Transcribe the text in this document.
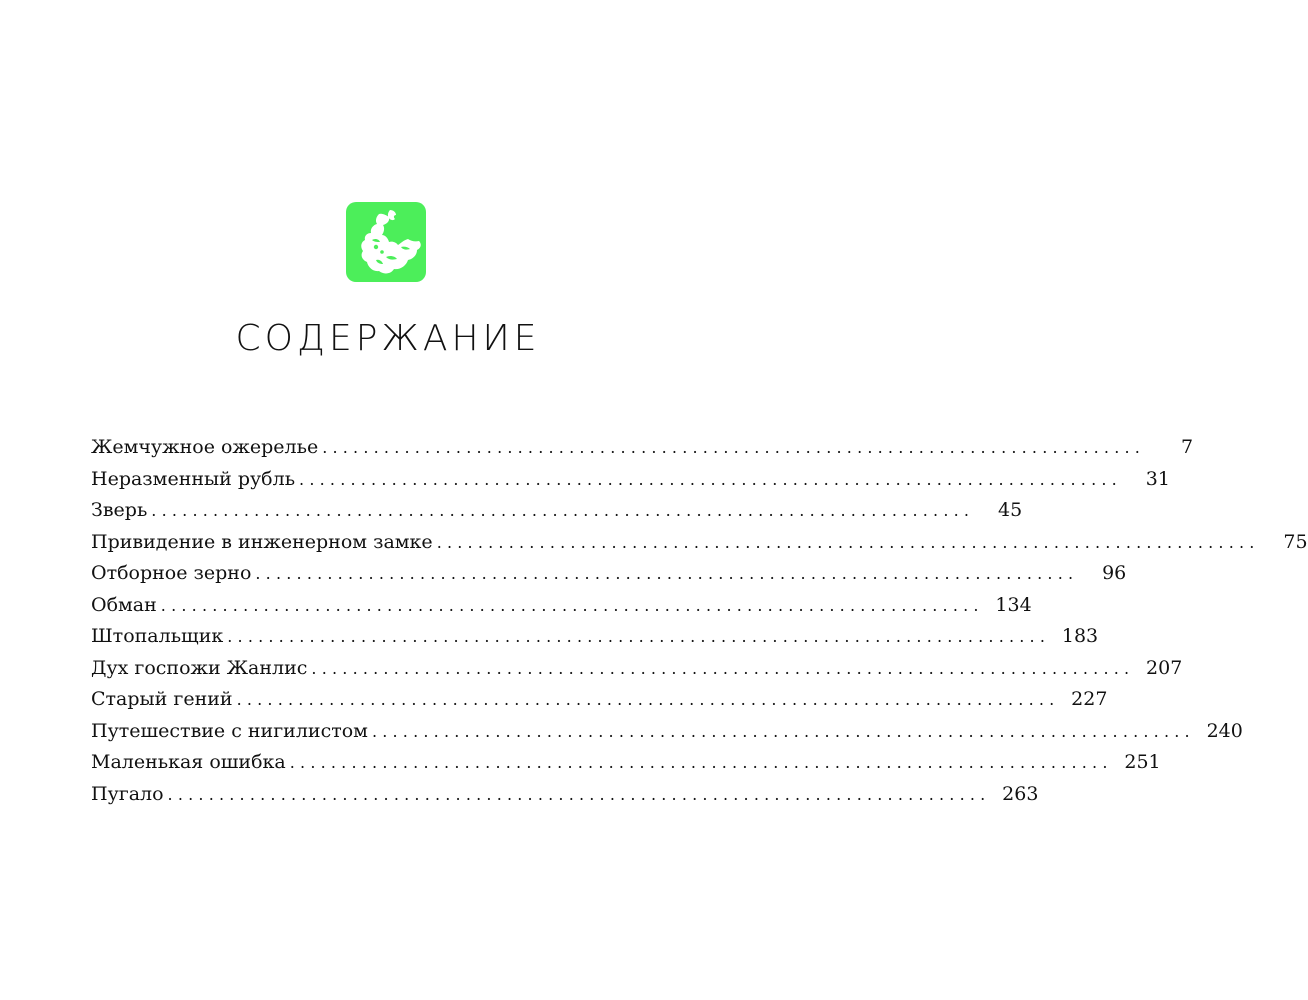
СОДЕРЖАНИЕ
Жемчужное ожерелье ................................................................................	7
Неразменный рубль ................................................................................	31
Зверь ................................................................................	45
Привидение в инженерном замке ................................................................................	75
Отборное зерно ................................................................................	96
Обман ................................................................................ 134
Штопальщик ................................................................................ 183
Дух госпожи Жанлис ................................................................................ 207
Старый гений ................................................................................ 227
Путешествие с нигилистом ................................................................................ 240
Маленькая ошибка ................................................................................ 251
Пугало ................................................................................ 263
